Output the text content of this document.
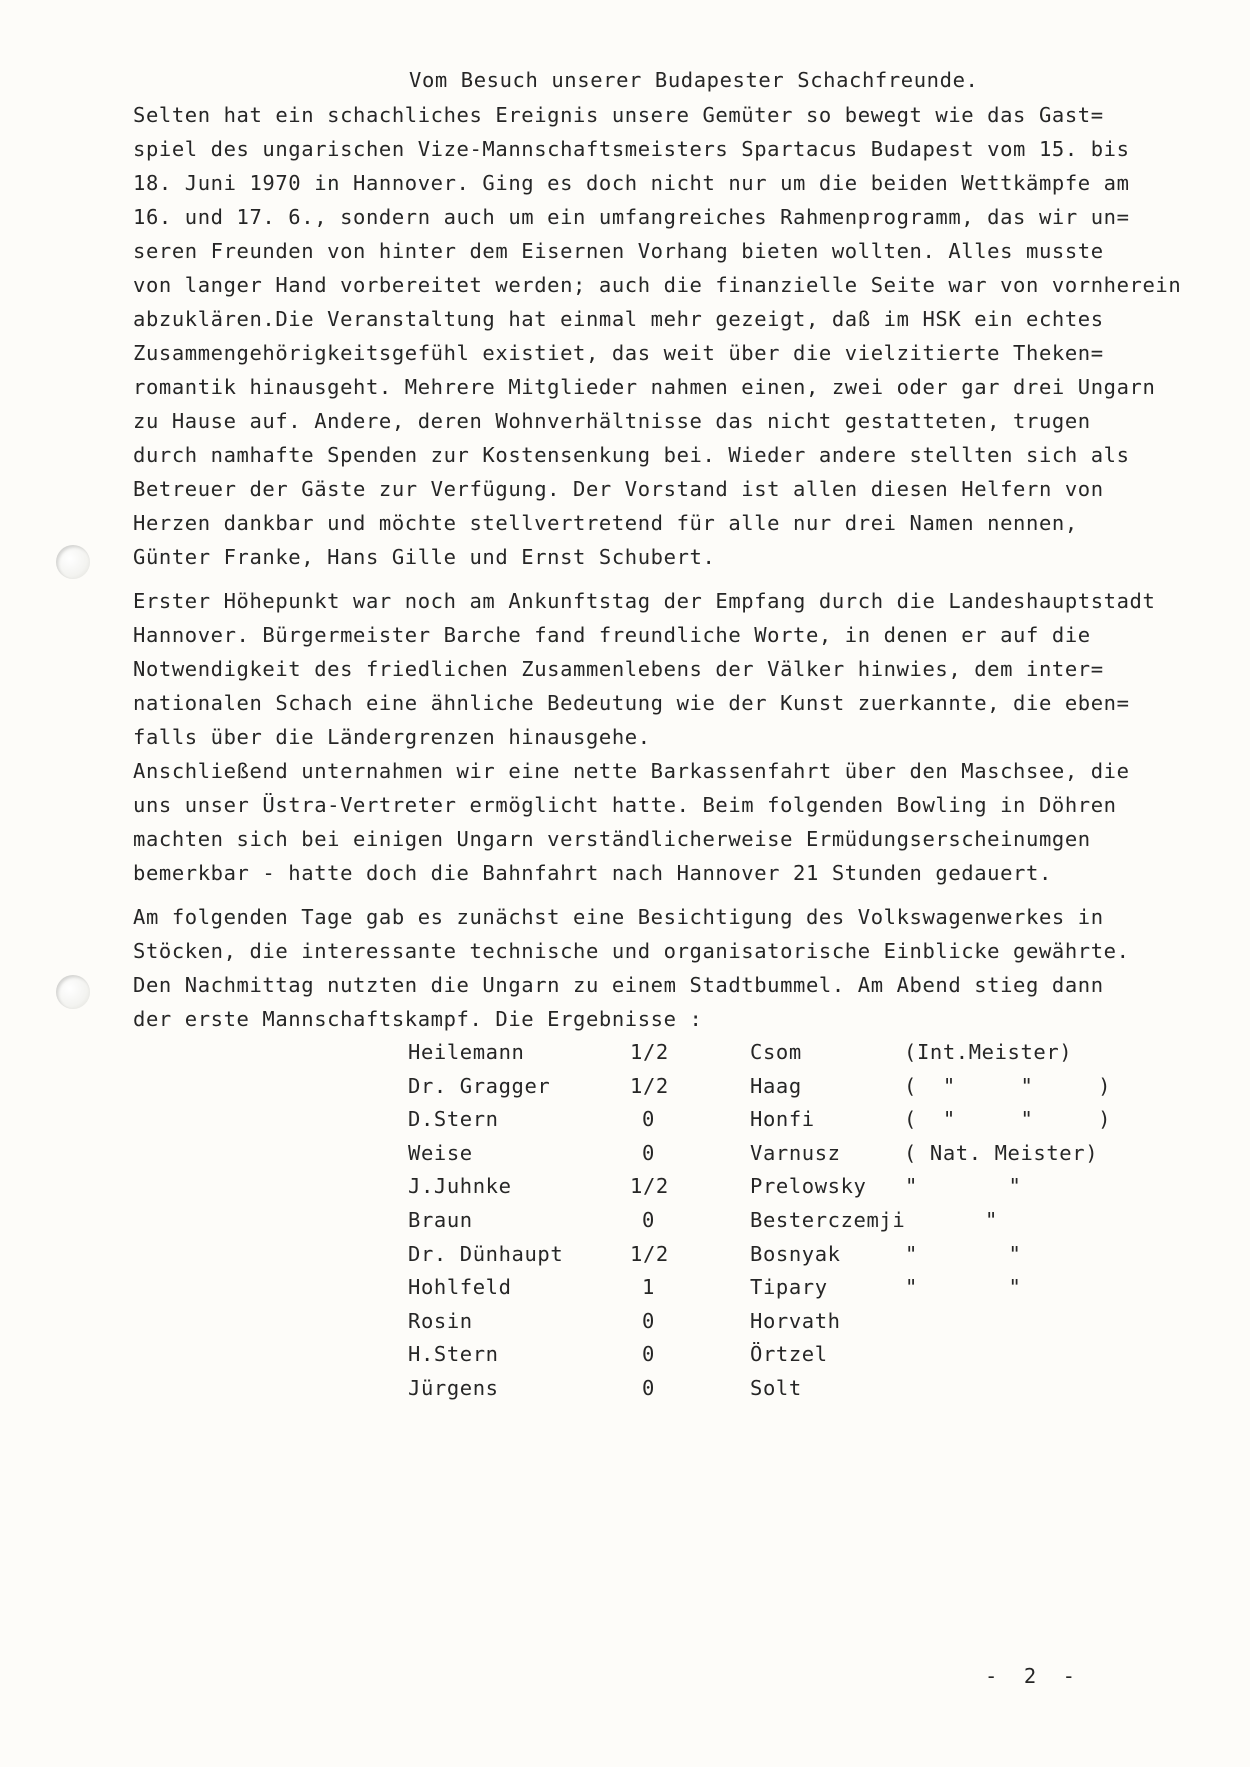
Vom Besuch unserer Budapester Schachfreunde.

Selten hat ein schachliches Ereignis unsere Gemüter so bewegt wie das Gast=

spiel des ungarischen Vize-Mannschaftsmeisters Spartacus Budapest vom 15. bis

18. Juni 1970 in Hannover. Ging es doch nicht nur um die beiden Wettkämpfe am

16. und 17. 6., sondern auch um ein umfangreiches Rahmenprogramm, das wir un=

seren Freunden von hinter dem Eisernen Vorhang bieten wollten. Alles musste

von langer Hand vorbereitet werden; auch die finanzielle Seite war von vornherein

abzuklären.Die Veranstaltung hat einmal mehr gezeigt, daß im HSK ein echtes

Zusammengehörigkeitsgefühl existiet, das weit über die vielzitierte Theken=

romantik hinausgeht. Mehrere Mitglieder nahmen einen, zwei oder gar drei Ungarn

zu Hause auf. Andere, deren Wohnverhältnisse das nicht gestatteten, trugen

durch namhafte Spenden zur Kostensenkung bei. Wieder andere stellten sich als

Betreuer der Gäste zur Verfügung. Der Vorstand ist allen diesen Helfern von

Herzen dankbar und möchte stellvertretend für alle nur drei Namen nennen,

Günter Franke, Hans Gille und Ernst Schubert.

Erster Höhepunkt war noch am Ankunftstag der Empfang durch die Landeshauptstadt

Hannover. Bürgermeister Barche fand freundliche Worte, in denen er auf die

Notwendigkeit des friedlichen Zusammenlebens der Välker hinwies, dem inter=

nationalen Schach eine ähnliche Bedeutung wie der Kunst zuerkannte, die eben=

falls über die Ländergrenzen hinausgehe.

Anschließend unternahmen wir eine nette Barkassenfahrt über den Maschsee, die

uns unser Üstra-Vertreter ermöglicht hatte. Beim folgenden Bowling in Döhren

machten sich bei einigen Ungarn verständlicherweise Ermüdungserscheinumgen

bemerkbar - hatte doch die Bahnfahrt nach Hannover 21 Stunden gedauert.

Am folgenden Tage gab es zunächst eine Besichtigung des Volkswagenwerkes in

Stöcken, die interessante technische und organisatorische Einblicke gewährte.

Den Nachmittag nutzten die Ungarn zu einem Stadtbummel. Am Abend stieg dann

der erste Mannschaftskampf. Die Ergebnisse :

Heilemann	1/2	Csom	(Int.Meister)
Dr. Gragger	1/2	Haag	(  "     "     )
D.Stern	0	Honfi	(  "     "     )
Weise	0	Varnusz	( Nat. Meister)
J.Juhnke	1/2	Prelowsky "       "
Braun	0	Besterczemji	"
Dr. Dünhaupt	1/2	Bosnyak	"       "
Hohlfeld	1	Tipary	"       "
Rosin	0	Horvath
H.Stern	0	Örtzel
Jürgens	0	Solt
-  2  -
